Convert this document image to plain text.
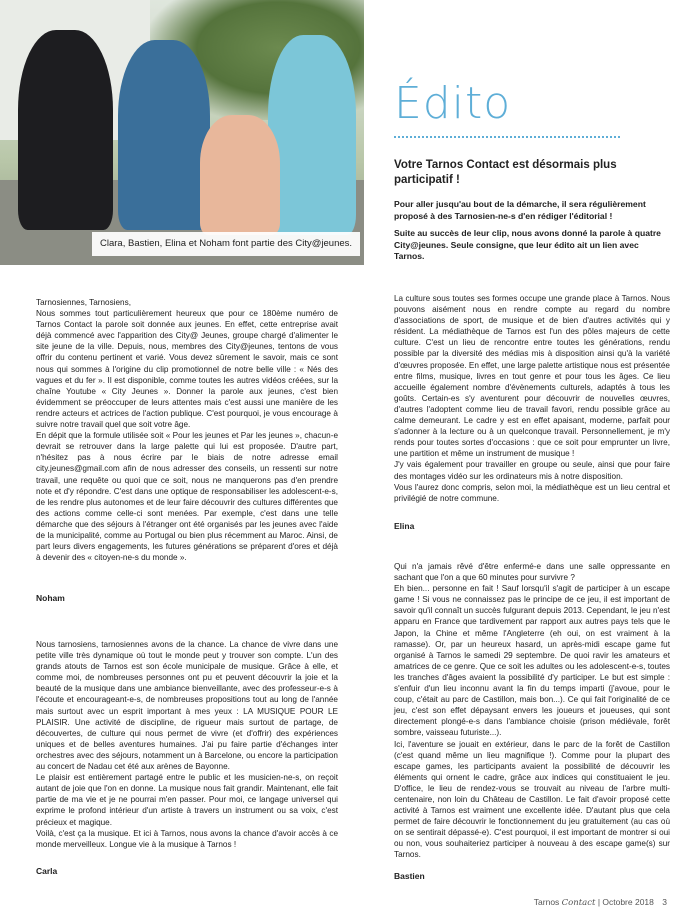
Clara, Bastien, Elina et Noham font partie des City@jeunes.
Édito
Votre Tarnos Contact est désormais plus participatif !

Pour aller jusqu'au bout de la démarche, il sera régulièrement proposé à des Tarnosien-ne-s d'en rédiger l'éditorial !

Suite au succès de leur clip, nous avons donné la parole à quatre City@jeunes. Seule consigne, que leur édito ait un lien avec Tarnos.

Tarnosiennes, Tarnosiens,

Nous sommes tout particulièrement heureux que pour ce 180ème numéro de Tarnos Contact la parole soit donnée aux jeunes. En effet, cette entreprise avait déjà commencé avec l'apparition des City@ Jeunes, groupe chargé d'alimenter le site jeune de la ville. Depuis, nous, membres des City@jeunes, tentons de vous offrir du contenu pertinent et varié. Vous devez sûrement le savoir, mais ce sont nous qui sommes à l'origine du clip promotionnel de notre belle ville : « Nés des vagues et du fer ». Il est disponible, comme toutes les autres vidéos créées, sur la chaîne Youtube « City Jeunes ». Donner la parole aux jeunes, c'est bien évidemment se préoccuper de leurs attentes mais c'est aussi une manière de les rendre acteurs et actrices de l'action publique. C'est pourquoi, je vous encourage à suivre notre travail quel que soit votre âge.

En dépit que la formule utilisée soit « Pour les jeunes et Par les jeunes », chacun-e devrait se retrouver dans la large palette qui lui est proposée. D'autre part, n'hésitez pas à nous écrire par le biais de notre adresse email city.jeunes@gmail.com afin de nous adresser des conseils, un ressenti sur notre travail, une requête ou quoi que ce soit, nous ne manquerons pas d'en prendre note et d'y répondre. C'est dans une optique de responsabiliser les adolescent-e-s, de les rendre plus autonomes et de leur faire découvrir des cultures différentes que des actions comme celle-ci sont menées. Par exemple, c'est dans une telle démarche que des séjours à l'étranger ont été organisés par les jeunes avec l'aide de la municipalité, comme au Portugal ou bien plus récemment au Maroc. Ainsi, de part leurs divers engagements, les futures générations se préparent d'ores et déjà à devenir des « citoyen-ne-s du monde ».

Noham

La culture sous toutes ses formes occupe une grande place à Tarnos. Nous pouvons aisément nous en rendre compte au regard du nombre d'associations de sport, de musique et de bien d'autres activités qui y résident. La médiathèque de Tarnos est l'un des pôles majeurs de cette culture. C'est un lieu de rencontre entre toutes les générations, rendu possible par la diversité des médias mis à disposition ainsi qu'à la variété d'œuvres proposée. En effet, une large palette artistique nous est présentée entre films, musique, livres en tout genre et pour tous les âges. Ce lieu accueille également nombre d'évènements culturels, adaptés à tous les goûts. Certain-es s'y aventurent pour découvrir de nouvelles œuvres, d'autres l'adoptent comme lieu de travail favori, rendu possible grâce au calme demeurant. Le cadre y est en effet apaisant, moderne, parfait pour s'adonner à la lecture ou à un quelconque travail. Personnellement, je m'y rends pour toutes sortes d'occasions : que ce soit pour emprunter un livre, une partition et même un instrument de musique !

J'y vais également pour travailler en groupe ou seule, ainsi que pour faire des montages vidéo sur les ordinateurs mis à notre disposition.

Vous l'aurez donc compris, selon moi, la médiathèque est un lieu central et privilégié de notre commune.

Elina

Nous tarnosiens, tarnosiennes avons de la chance. La chance de vivre dans une petite ville très dynamique où tout le monde peut y trouver son compte. L'un des grands atouts de Tarnos est son école municipale de musique. Grâce à elle, et comme moi, de nombreuses personnes ont pu et peuvent découvrir la joie et la beauté de la musique dans une ambiance bienveillante, avec des professeur-e-s à l'écoute et encourageant-e-s, de nombreuses propositions tout au long de l'année mais surtout avec un esprit important à mes yeux : LA MUSIQUE POUR LE PLAISIR. Une activité de discipline, de rigueur mais surtout de partage, de découvertes, de culture qui nous permet de vivre (et d'offrir) des expériences uniques et de belles aventures humaines. J'ai pu faire partie d'échanges inter orchestres avec des séjours, notamment un à Barcelone, ou encore la participation au concert de Nadau cet été aux arènes de Bayonne.

Le plaisir est entièrement partagé entre le public et les musicien-ne-s, on reçoit autant de joie que l'on en donne. La musique nous fait grandir. Maintenant, elle fait partie de ma vie et je ne pourrai m'en passer. Pour moi, ce langage universel qui exprime le profond intérieur d'un artiste à travers un instrument ou sa voix, c'est précieux et magique.

Voilà, c'est ça la musique. Et ici à Tarnos, nous avons la chance d'avoir accès à ce monde merveilleux. Longue vie à la musique à Tarnos !

Carla

Qui n'a jamais rêvé d'être enfermé-e dans une salle oppressante en sachant que l'on a que 60 minutes pour survivre ?

Eh bien... personne en fait ! Sauf lorsqu'il s'agit de participer à un escape game ! Si vous ne connaissez pas le principe de ce jeu, il est important de savoir qu'il connaît un succès fulgurant depuis 2013. Cependant, le jeu n'est apparu en France que tardivement par rapport aux autres pays tels que le Japon, la Chine et même l'Angleterre (eh oui, on est vraiment à la ramasse). Or, par un heureux hasard, un après-midi escape game fut organisé à Tarnos le samedi 29 septembre. De quoi ravir les amateurs et amatrices de ce genre. Que ce soit les adultes ou les adolescent-e-s, toutes les tranches d'âges avaient la possibilité d'y participer. Le but est simple : s'enfuir d'un lieu inconnu avant la fin du temps imparti (j'avoue, pour le coup, c'était au parc de Castillon, mais bon...). Ce qui fait l'originalité de ce jeu, c'est son effet dépaysant envers les joueurs et joueuses, qui sont directement plongé-e-s dans l'ambiance choisie (prison médiévale, forêt sombre, vaisseau futuriste...).

Ici, l'aventure se jouait en extérieur, dans le parc de la forêt de Castillon (c'est quand même un lieu magnifique !). Comme pour la plupart des escape games, les participants avaient la possibilité de découvrir les éléments qui ornent le cadre, grâce aux indices qui constituaient le jeu. D'office, le lieu de rendez-vous se trouvait au niveau de l'arbre multi-centenaire, non loin du Château de Castillon. Le fait d'avoir proposé cette activité à Tarnos est vraiment une excellente idée. D'autant plus que cela permet de faire découvrir le fonctionnement du jeu gratuitement (au cas où on se sentirait dépassé-e). C'est pourquoi, il est important de montrer si oui ou non, vous souhaiteriez participer à nouveau à des escape game(s) sur Tarnos.

Bastien
Tarnos Contact | Octobre 2018 3
